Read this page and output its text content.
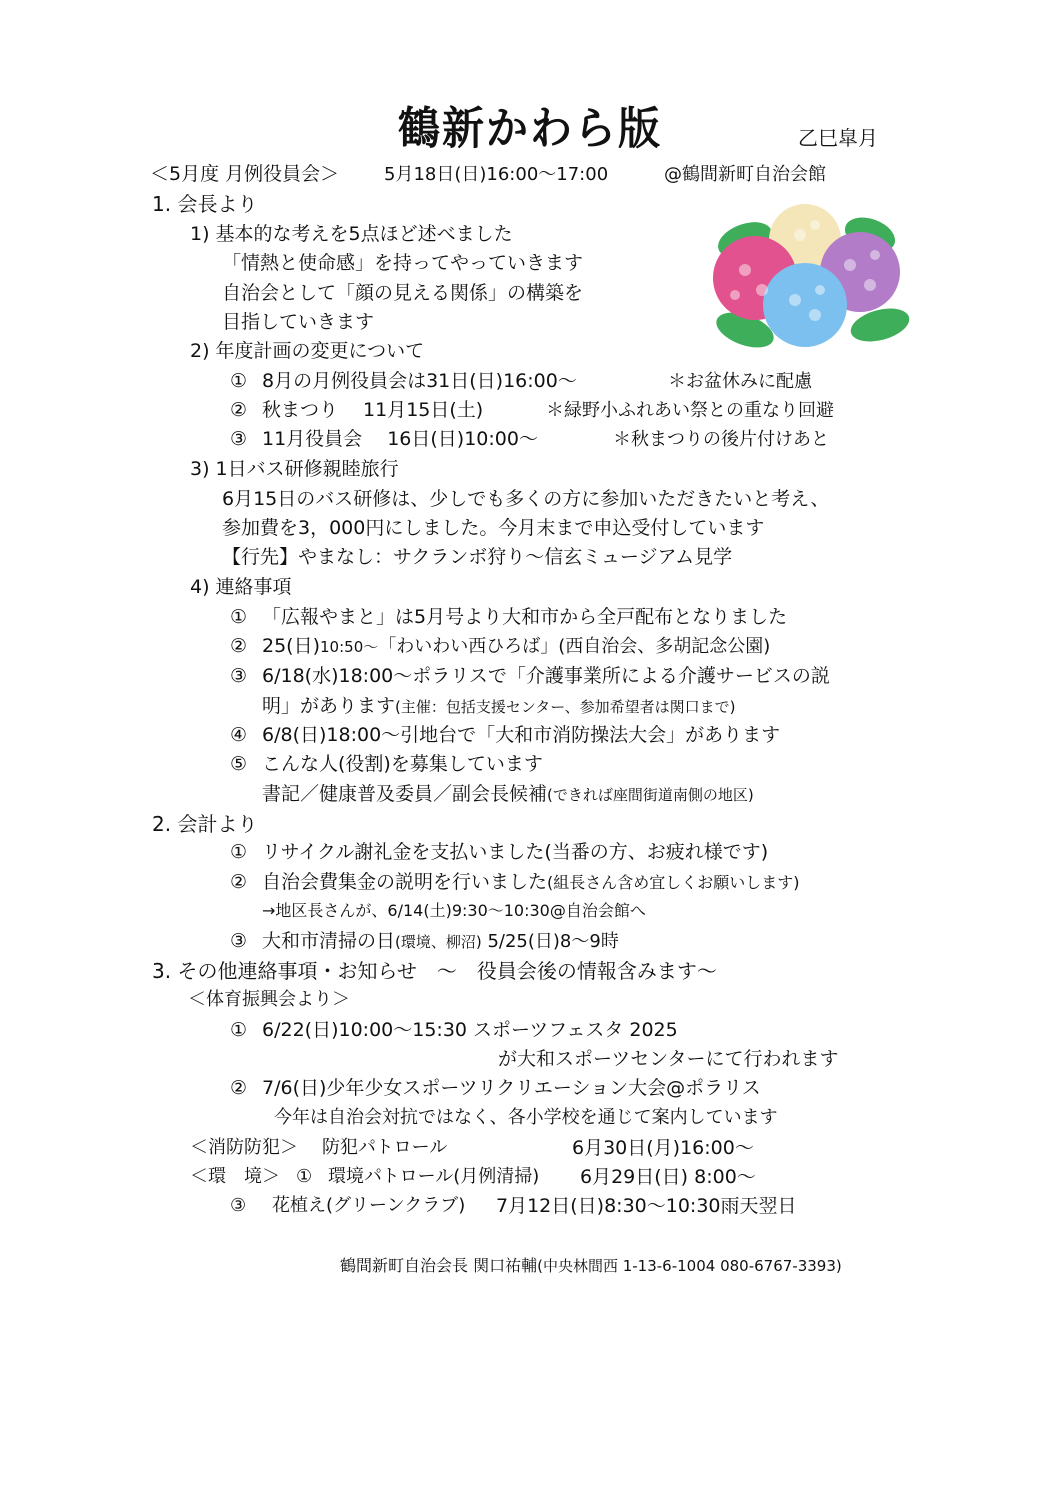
鶴新かわら版	乙巳皐月
＜5月度 月例役員会＞ 5月18日(日)16:00～17:00	@鶴間新町自治会館
1. 会長より
1) 基本的な考えを5点ほど述べました
「情熱と使命感」を持ってやっていきます
自治会として「顔の見える関係」の構築を
目指していきます
2) 年度計画の変更について
① 8月の月例役員会は31日(日)16:00～	＊お盆休みに配慮
② 秋まつり　 11月15日(土)	＊緑野小ふれあい祭との重なり回避
③ 11月役員会　 16日(日)10:00～	＊秋まつりの後片付けあと
3) 1日バス研修親睦旅行
6月15日のバス研修は、少しでも多くの方に参加いただきたいと考え、
参加費を3，000円にしました。今月末まで申込受付しています
【行先】やまなし：サクランボ狩り～信玄ミュージアム見学
4) 連絡事項
① 「広報やまと」は5月号より大和市から全戸配布となりました
② 25(日)10:50～「わいわい西ひろば」(西自治会、多胡記念公園)
③ 6/18(水)18:00～ポラリスで「介護事業所による介護サービスの説
明」があります(主催：包括支援センター、参加希望者は関口まで)
④ 6/8(日)18:00～引地台で「大和市消防操法大会」があります
⑤ こんな人(役割)を募集しています
書記／健康普及委員／副会長候補(できれば座間街道南側の地区)
2. 会計より
① リサイクル謝礼金を支払いました(当番の方、お疲れ様です)
② 自治会費集金の説明を行いました(組長さん含め宜しくお願いします)
→地区長さんが、6/14(土)9:30～10:30@自治会館へ
③ 大和市清掃の日(環境、柳沼) 5/25(日)8～9時
3. その他連絡事項・お知らせ　～　役員会後の情報含みます～
＜体育振興会より＞
① 6/22(日)10:00～15:30 スポーツフェスタ 2025
が大和スポーツセンターにて行われます
② 7/6(日)少年少女スポーツリクリエーション大会@ポラリス
今年は自治会対抗ではなく、各小学校を通じて案内しています
＜消防防犯＞ 防犯パトロール	6月30日(月)16:00～
＜環　境＞ ① 環境パトロール(月例清掃) 6月29日(日) 8:00～
③ 花植え(グリーンクラブ) 7月12日(日)8:30～10:30雨天翌日
鶴間新町自治会長 関口祐輔(中央林間西 1-13-6-1004 080-6767-3393)
